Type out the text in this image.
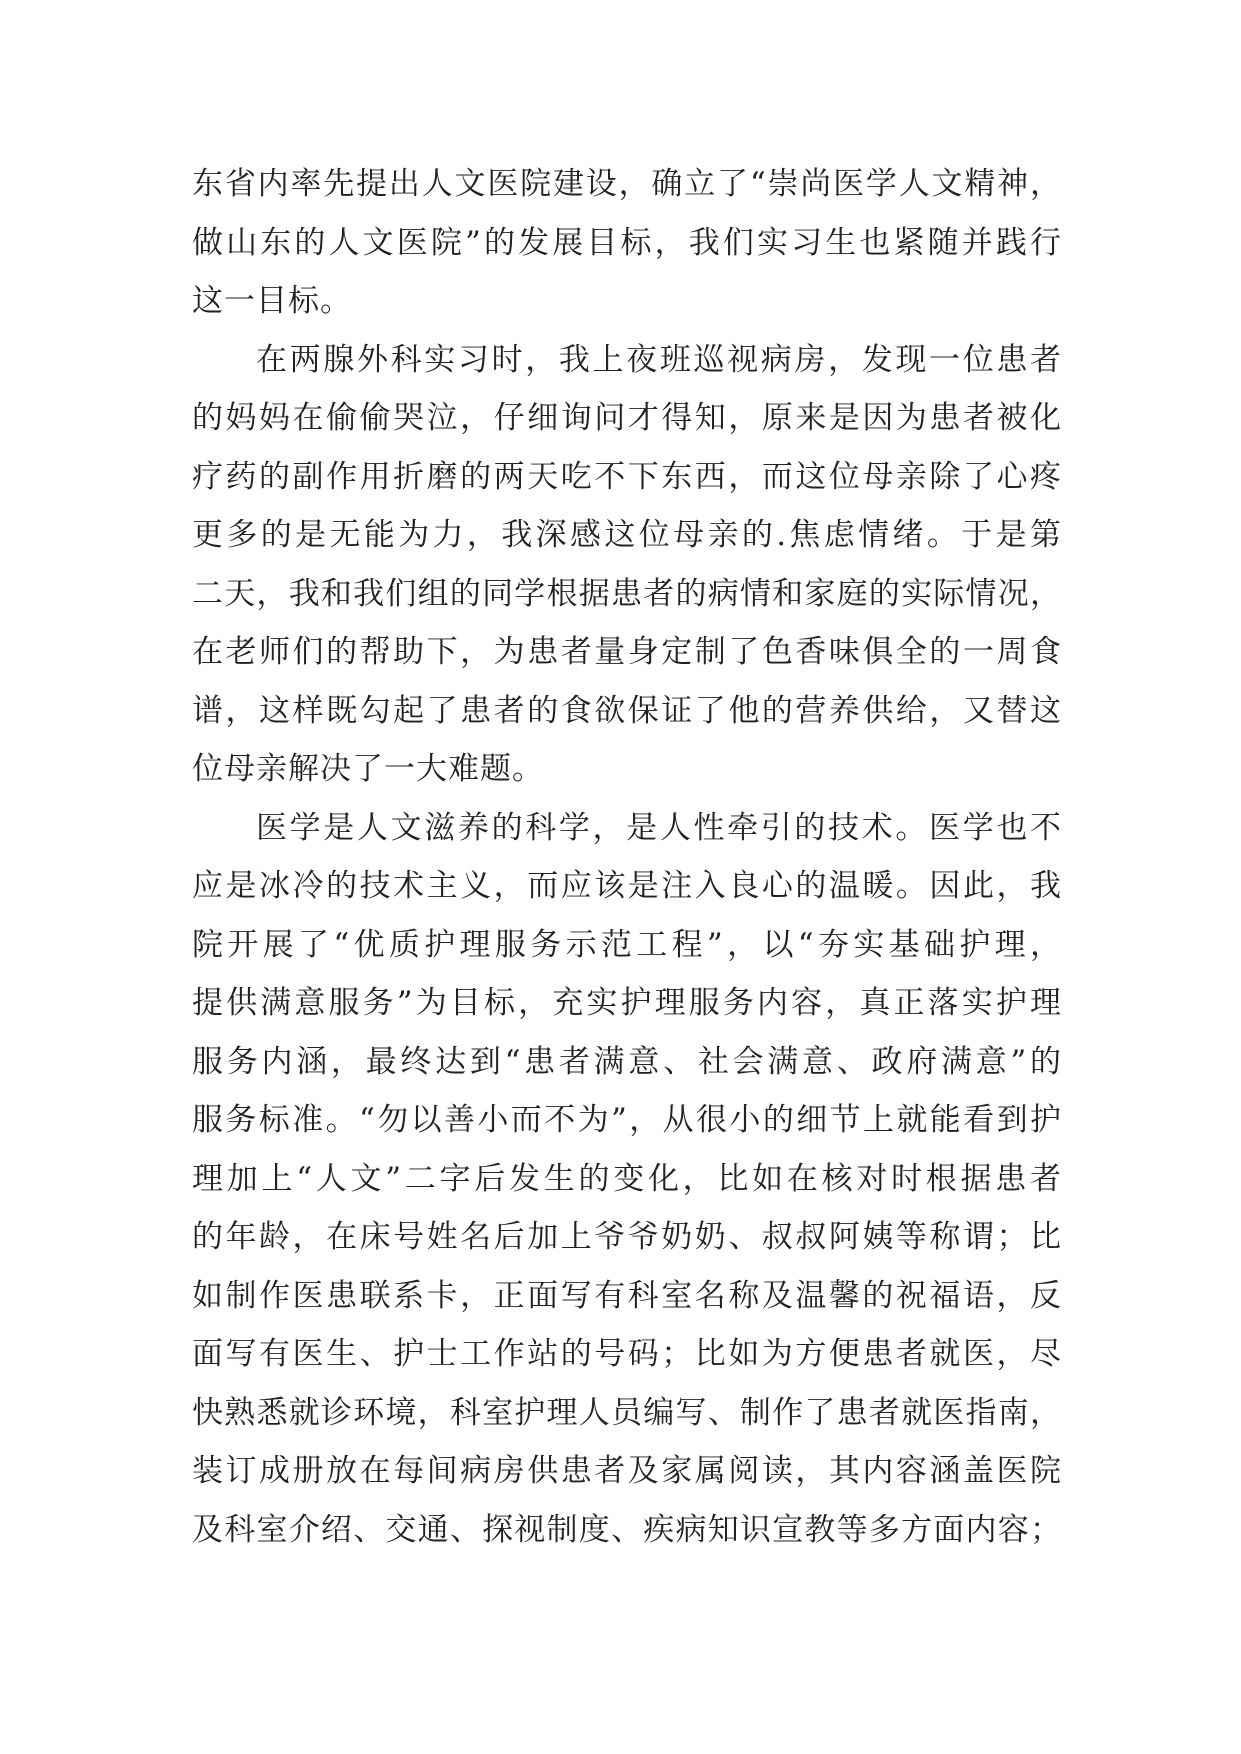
东省内率先提出人文医院建设，确立了“崇尚医学人文精神，
做山东的人文医院”的发展目标，我们实习生也紧随并践行
这一目标。
在两腺外科实习时，我上夜班巡视病房，发现一位患者
的妈妈在偷偷哭泣，仔细询问才得知，原来是因为患者被化
疗药的副作用折磨的两天吃不下东西，而这位母亲除了心疼
更多的是无能为力，我深感这位母亲的.焦虑情绪。于是第
二天，我和我们组的同学根据患者的病情和家庭的实际情况，
在老师们的帮助下，为患者量身定制了色香味俱全的一周食
谱，这样既勾起了患者的食欲保证了他的营养供给，又替这
位母亲解决了一大难题。
医学是人文滋养的科学，是人性牵引的技术。医学也不
应是冰冷的技术主义，而应该是注入良心的温暖。因此，我
院开展了“优质护理服务示范工程”，以“夯实基础护理，
提供满意服务”为目标，充实护理服务内容，真正落实护理
服务内涵，最终达到“患者满意、社会满意、政府满意”的
服务标准。“勿以善小而不为”，从很小的细节上就能看到护
理加上“人文”二字后发生的变化，比如在核对时根据患者
的年龄，在床号姓名后加上爷爷奶奶、叔叔阿姨等称谓；比
如制作医患联系卡，正面写有科室名称及温馨的祝福语，反
面写有医生、护士工作站的号码；比如为方便患者就医，尽
快熟悉就诊环境，科室护理人员编写、制作了患者就医指南，
装订成册放在每间病房供患者及家属阅读，其内容涵盖医院
及科室介绍、交通、探视制度、疾病知识宣教等多方面内容；
